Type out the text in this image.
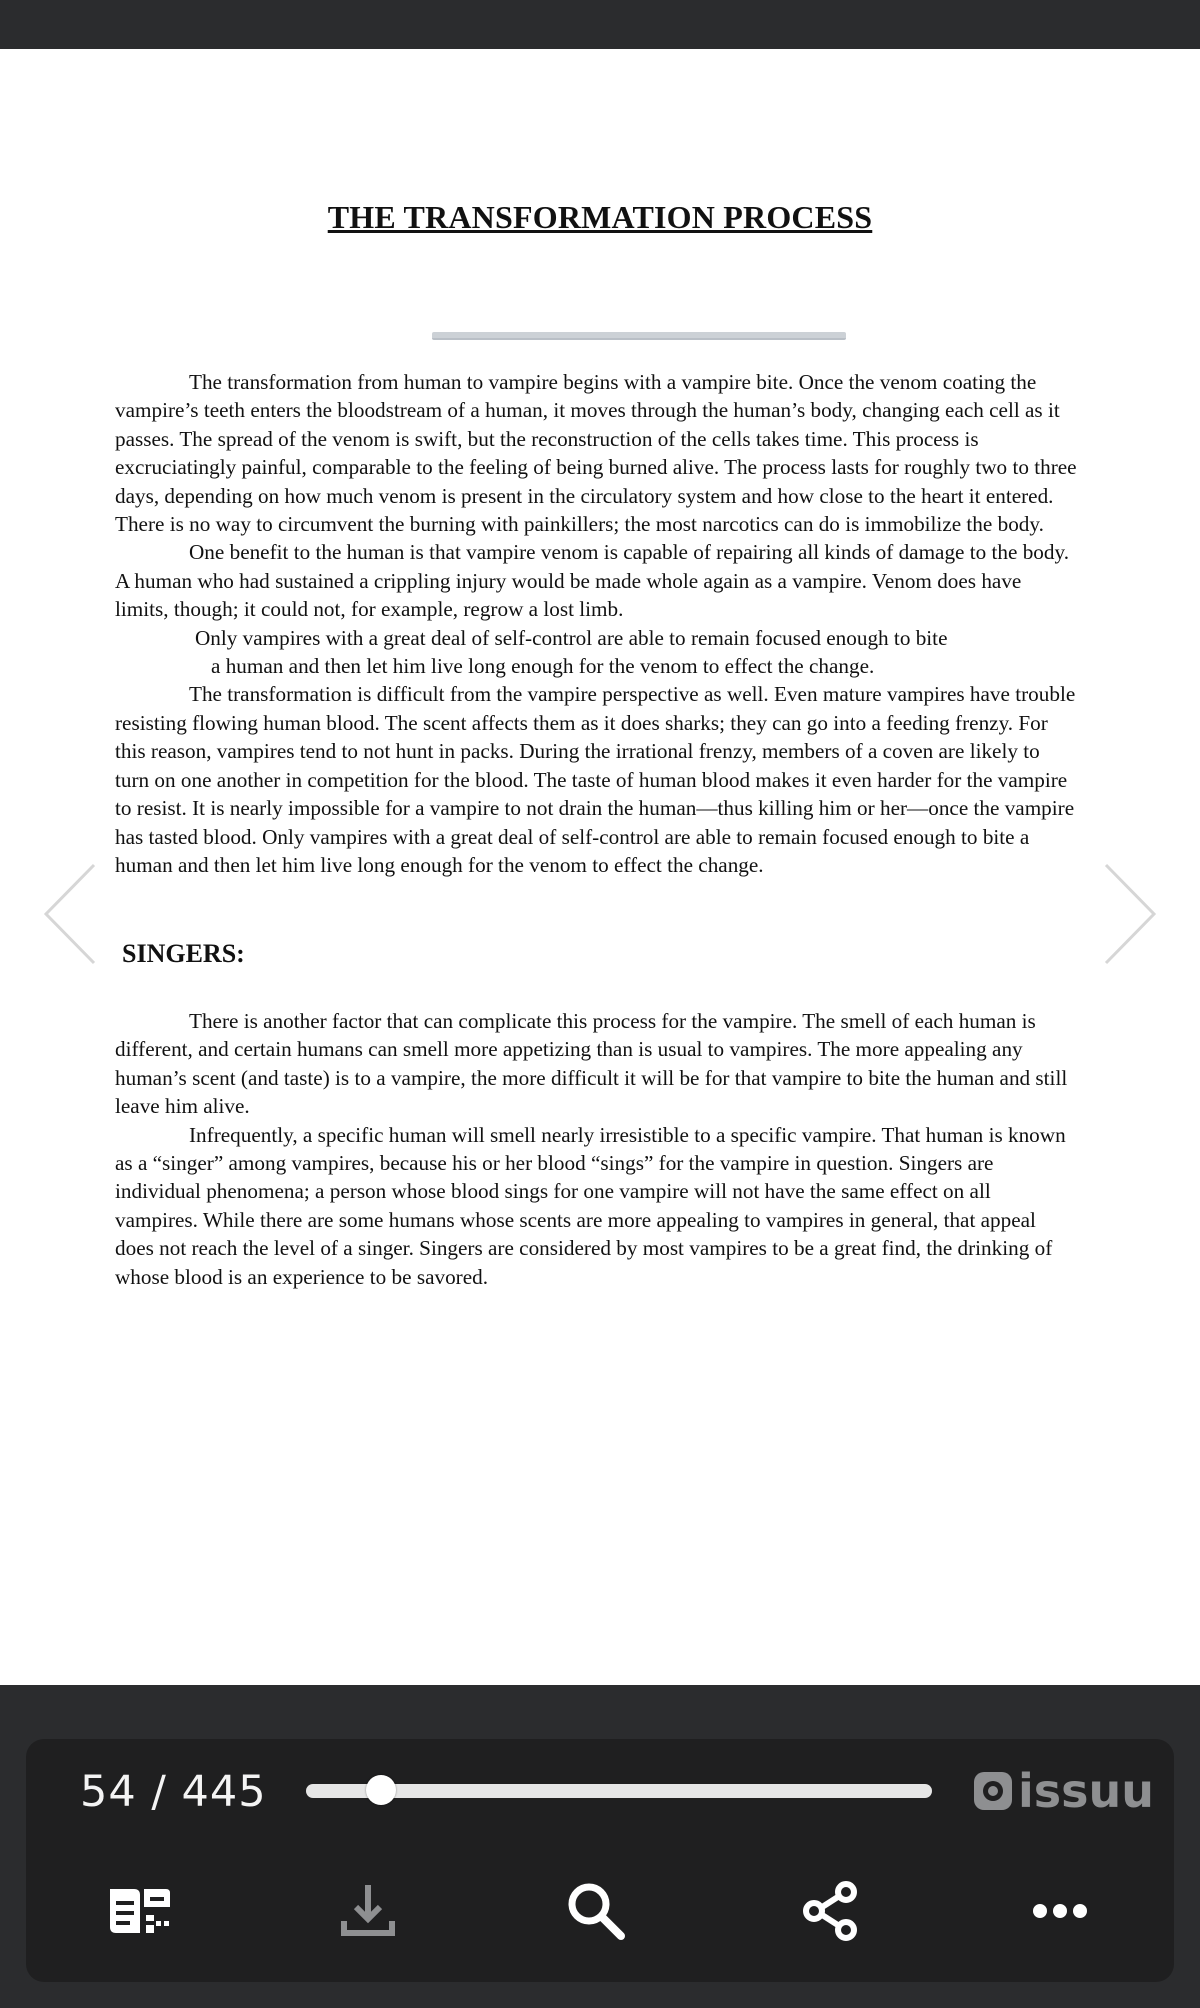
THE TRANSFORMATION PROCESS

The transformation from human to vampire begins with a vampire bite. Once the venom coating the vampire’s teeth enters the bloodstream of a human, it moves through the human’s body, changing each cell as it passes. The spread of the venom is swift, but the reconstruction of the cells takes time. This process is excruciatingly painful, comparable to the feeling of being burned alive. The process lasts for roughly two to three days, depending on how much venom is present in the circulatory system and how close to the heart it entered. There is no way to circumvent the burning with painkillers; the most narcotics can do is immobilize the body.

One benefit to the human is that vampire venom is capable of repairing all kinds of damage to the body. A human who had sustained a crippling injury would be made whole again as a vampire. Venom does have limits, though; it could not, for example, regrow a lost limb.

Only vampires with a great deal of self-control are able to remain focused enough to bite

a human and then let him live long enough for the venom to effect the change.

The transformation is difficult from the vampire perspective as well. Even mature vampires have trouble resisting flowing human blood. The scent affects them as it does sharks; they can go into a feeding frenzy. For this reason, vampires tend to not hunt in packs. During the irrational frenzy, members of a coven are likely to turn on one another in competition for the blood. The taste of human blood makes it even harder for the vampire to resist. It is nearly impossible for a vampire to not drain the human—thus killing him or her—once the vampire has tasted blood. Only vampires with a great deal of self-control are able to remain focused enough to bite a human and then let him live long enough for the venom to effect the change.

SINGERS:

There is another factor that can complicate this process for the vampire. The smell of each human is different, and certain humans can smell more appetizing than is usual to vampires. The more appealing any human’s scent (and taste) is to a vampire, the more difficult it will be for that vampire to bite the human and still leave him alive.

Infrequently, a specific human will smell nearly irresistible to a specific vampire. That human is known as a “singer” among vampires, because his or her blood “sings” for the vampire in question. Singers are individual phenomena; a person whose blood sings for one vampire will not have the same effect on all vampires. While there are some humans whose scents are more appealing to vampires in general, that appeal does not reach the level of a singer. Singers are considered by most vampires to be a great find, the drinking of whose blood is an experience to be savored.

54 / 445	issuu
